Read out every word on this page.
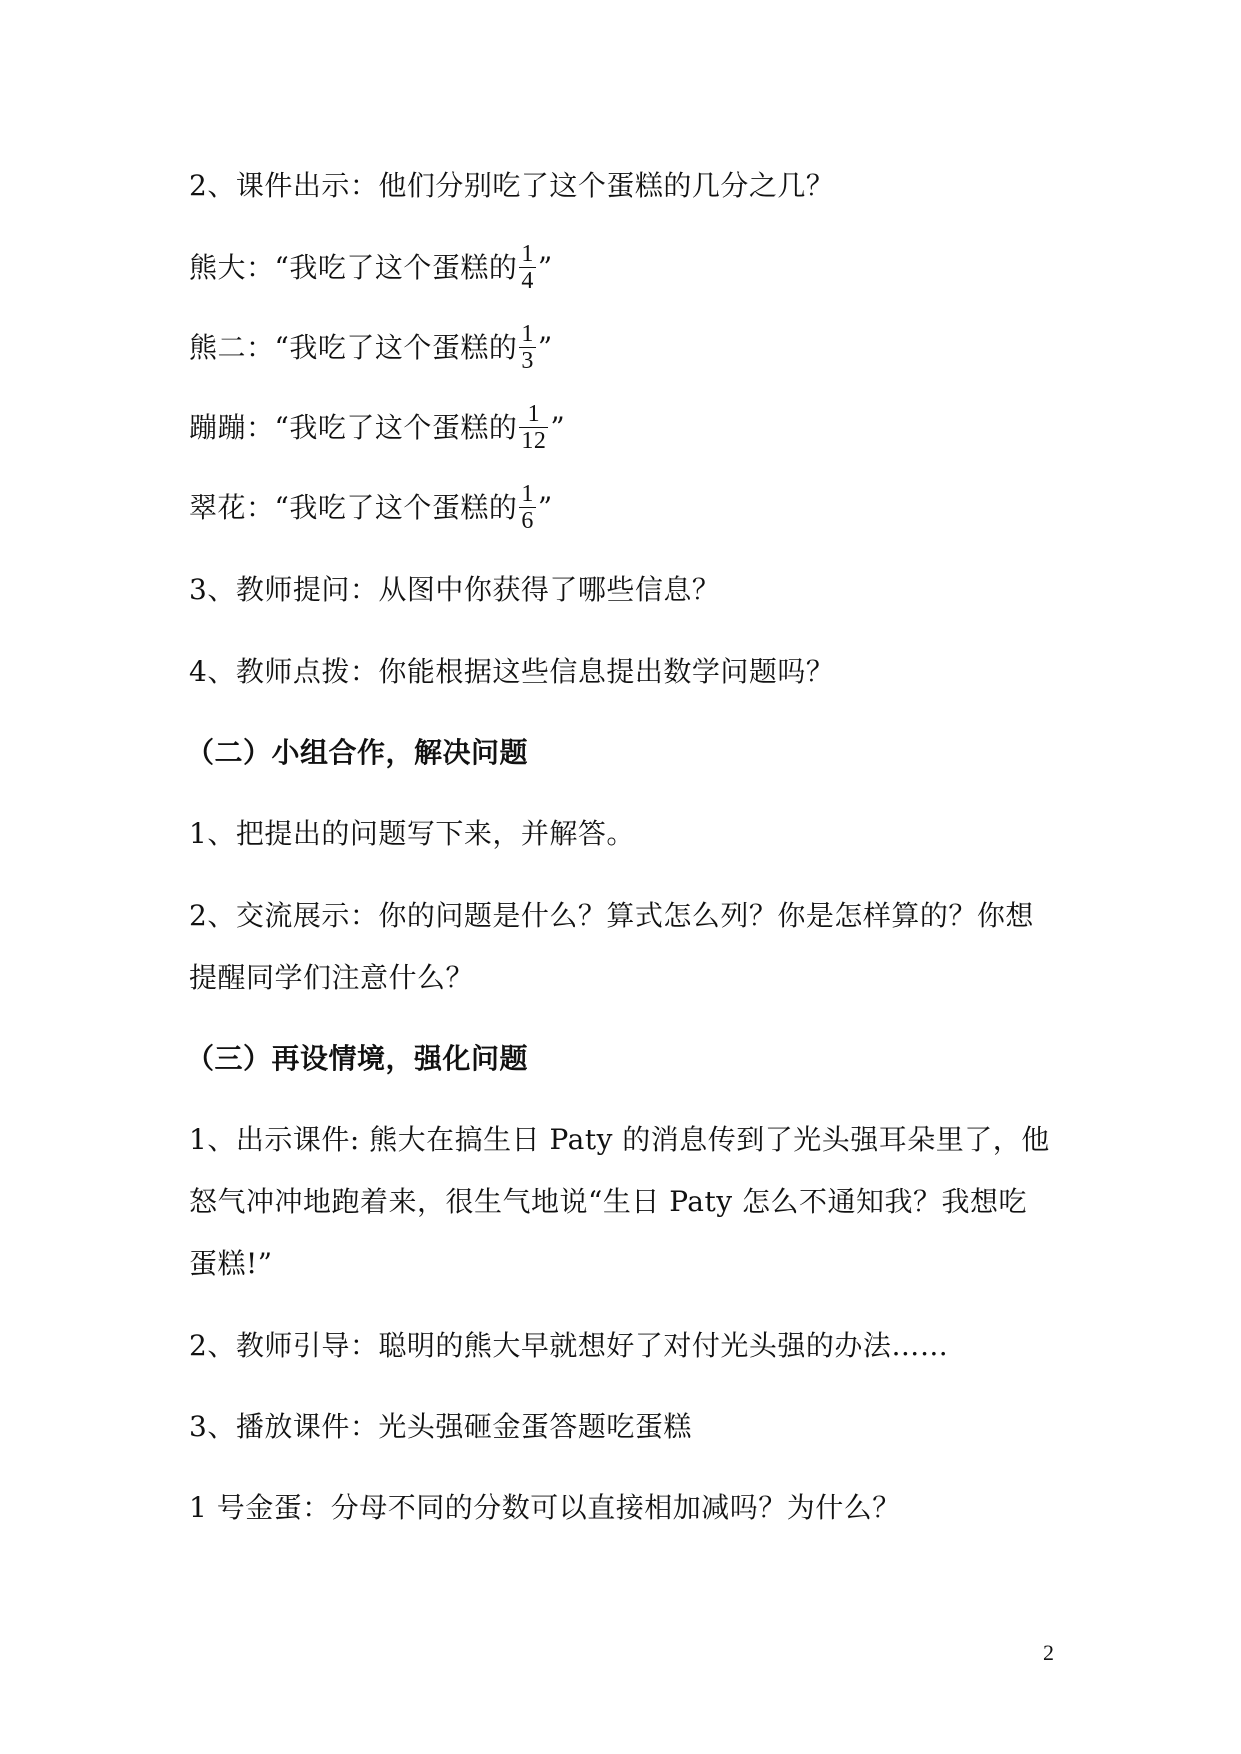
2、课件出示：他们分别吃了这个蛋糕的几分之几？
熊大：“我吃了这个蛋糕的 $\frac{1}{4}$ ”
熊二：“我吃了这个蛋糕的 $\frac{1}{3}$ ”
蹦蹦：“我吃了这个蛋糕的 $\frac{1}{12}$ ”
翠花：“我吃了这个蛋糕的 $\frac{1}{6}$ ”
3、教师提问：从图中你获得了哪些信息？
4、教师点拨：你能根据这些信息提出数学问题吗？
（二）小组合作，解决问题
1、把提出的问题写下来，并解答。
2、交流展示：你的问题是什么？算式怎么列？你是怎样算的？你想
提醒同学们注意什么？
（三）再设情境，强化问题
1、出示课件: 熊大在搞生日 Paty 的消息传到了光头强耳朵里了，他
怒气冲冲地跑着来，很生气地说“生日 Paty 怎么不通知我？我想吃
蛋糕!”
2、教师引导：聪明的熊大早就想好了对付光头强的办法……
3、播放课件：光头强砸金蛋答题吃蛋糕
1 号金蛋：分母不同的分数可以直接相加减吗？为什么？
2
